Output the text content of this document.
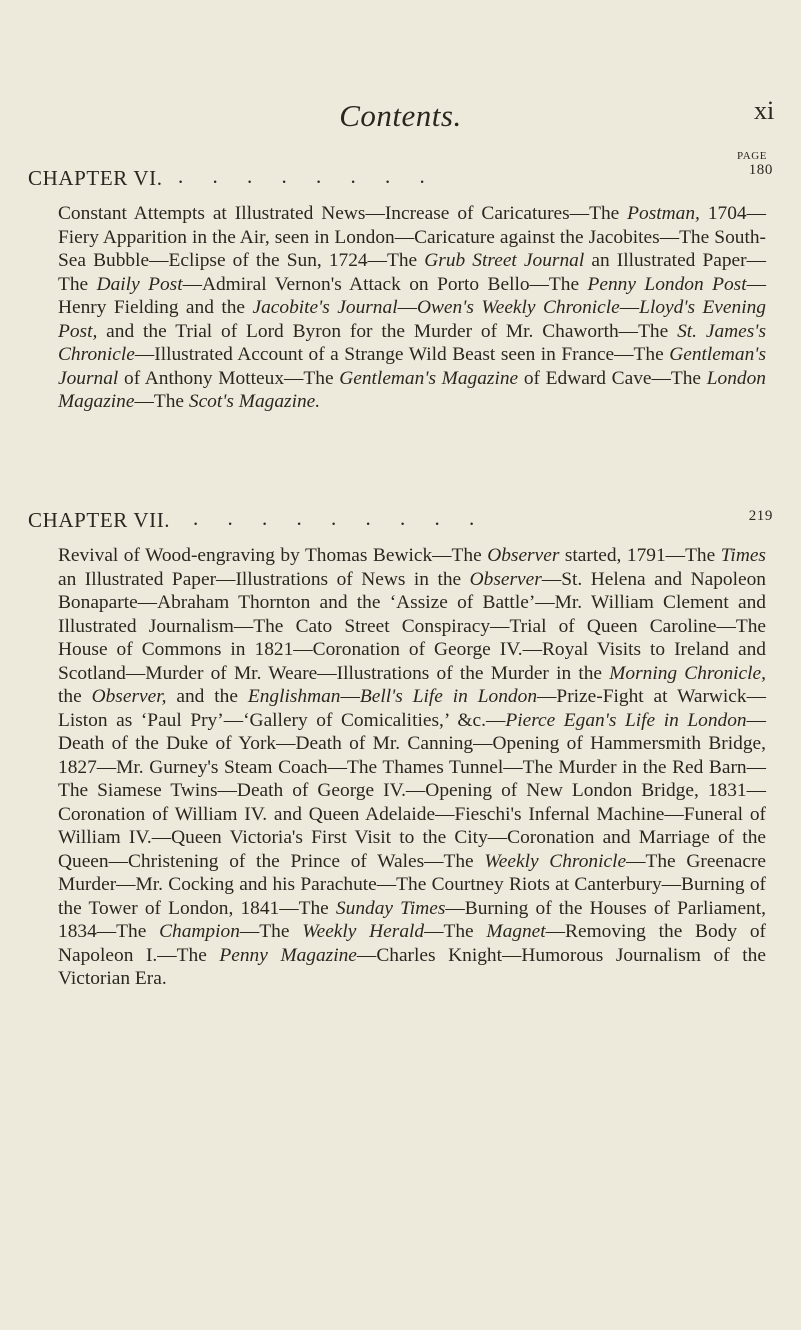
Contents.	xi
PAGE
CHAPTER VI. . . . . . . . .	180

Constant Attempts at Illustrated News—Increase of Caricatures—The Postman, 1704—Fiery Apparition in the Air, seen in London—Caricature against the Jacobites—The South-Sea Bubble—Eclipse of the Sun, 1724—The Grub Street Journal an Illustrated Paper—The Daily Post—Admiral Vernon's Attack on Porto Bello—The Penny London Post—Henry Fielding and the Jacobite's Journal—Owen's Weekly Chronicle—Lloyd's Evening Post, and the Trial of Lord Byron for the Murder of Mr. Chaworth—The St. James's Chronicle—Illustrated Account of a Strange Wild Beast seen in France—The Gentleman's Journal of Anthony Motteux—The Gentleman's Magazine of Edward Cave—The London Magazine—The Scot's Magazine.

CHAPTER VII. . . . . . . . . .	219

Revival of Wood-engraving by Thomas Bewick—The Observer started, 1791—The Times an Illustrated Paper—Illustrations of News in the Observer—St. Helena and Napoleon Bonaparte—Abraham Thornton and the ‘Assize of Battle’—Mr. William Clement and Illustrated Journalism—The Cato Street Conspiracy—Trial of Queen Caroline—The House of Commons in 1821—Coronation of George IV.—Royal Visits to Ireland and Scotland—Murder of Mr. Weare—Illustrations of the Murder in the Morning Chronicle, the Observer, and the Englishman—Bell's Life in London—Prize-Fight at Warwick—Liston as ‘Paul Pry’—‘Gallery of Comicalities,’ &c.—Pierce Egan's Life in London—Death of the Duke of York—Death of Mr. Canning—Opening of Hammersmith Bridge, 1827—Mr. Gurney's Steam Coach—The Thames Tunnel—The Murder in the Red Barn—The Siamese Twins—Death of George IV.—Opening of New London Bridge, 1831—Coronation of William IV. and Queen Adelaide—Fieschi's Infernal Machine—Funeral of William IV.—Queen Victoria's First Visit to the City—Coronation and Marriage of the Queen—Christening of the Prince of Wales—The Weekly Chronicle—The Greenacre Murder—Mr. Cocking and his Parachute—The Courtney Riots at Canterbury—Burning of the Tower of London, 1841—The Sunday Times—Burning of the Houses of Parliament, 1834—The Champion—The Weekly Herald—The Magnet—Removing the Body of Napoleon I.—The Penny Magazine—Charles Knight—Humorous Journalism of the Victorian Era.
